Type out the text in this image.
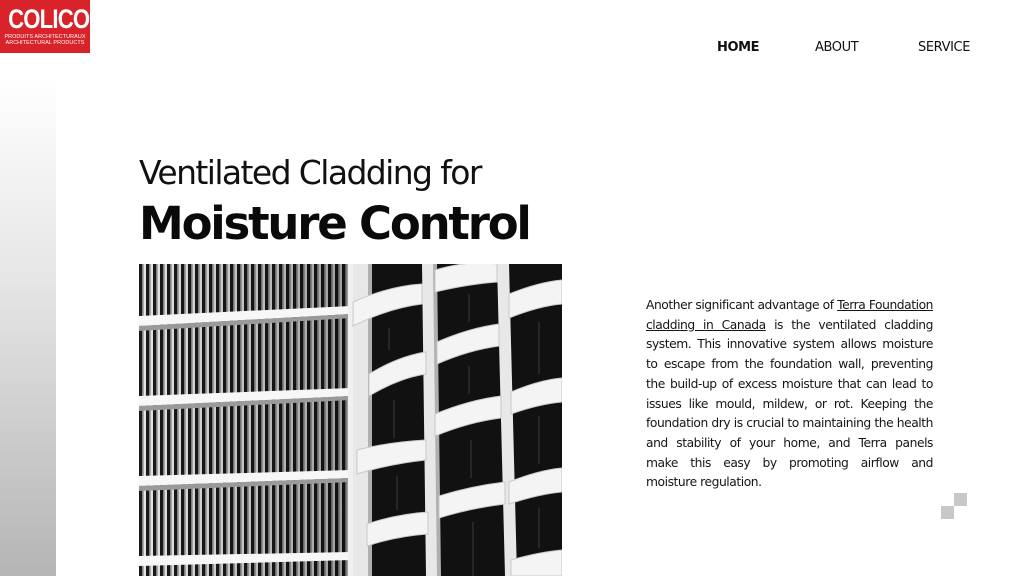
COLICO
PRODUITS ARCHITECTURAUX
ARCHITECTURAL PRODUCTS	HOME	ABOUT	SERVICE
Ventilated Cladding for
Moisture Control

Another significant advantage of Terra Foundation cladding in Canada is the ventilated cladding system. This innovative system allows moisture to escape from the foundation wall, preventing the build-up of excess moisture that can lead to issues like mould, mildew, or rot. Keeping the foundation dry is crucial to maintaining the health and stability of your home, and Terra panels make this easy by promoting airflow and moisture regulation.
